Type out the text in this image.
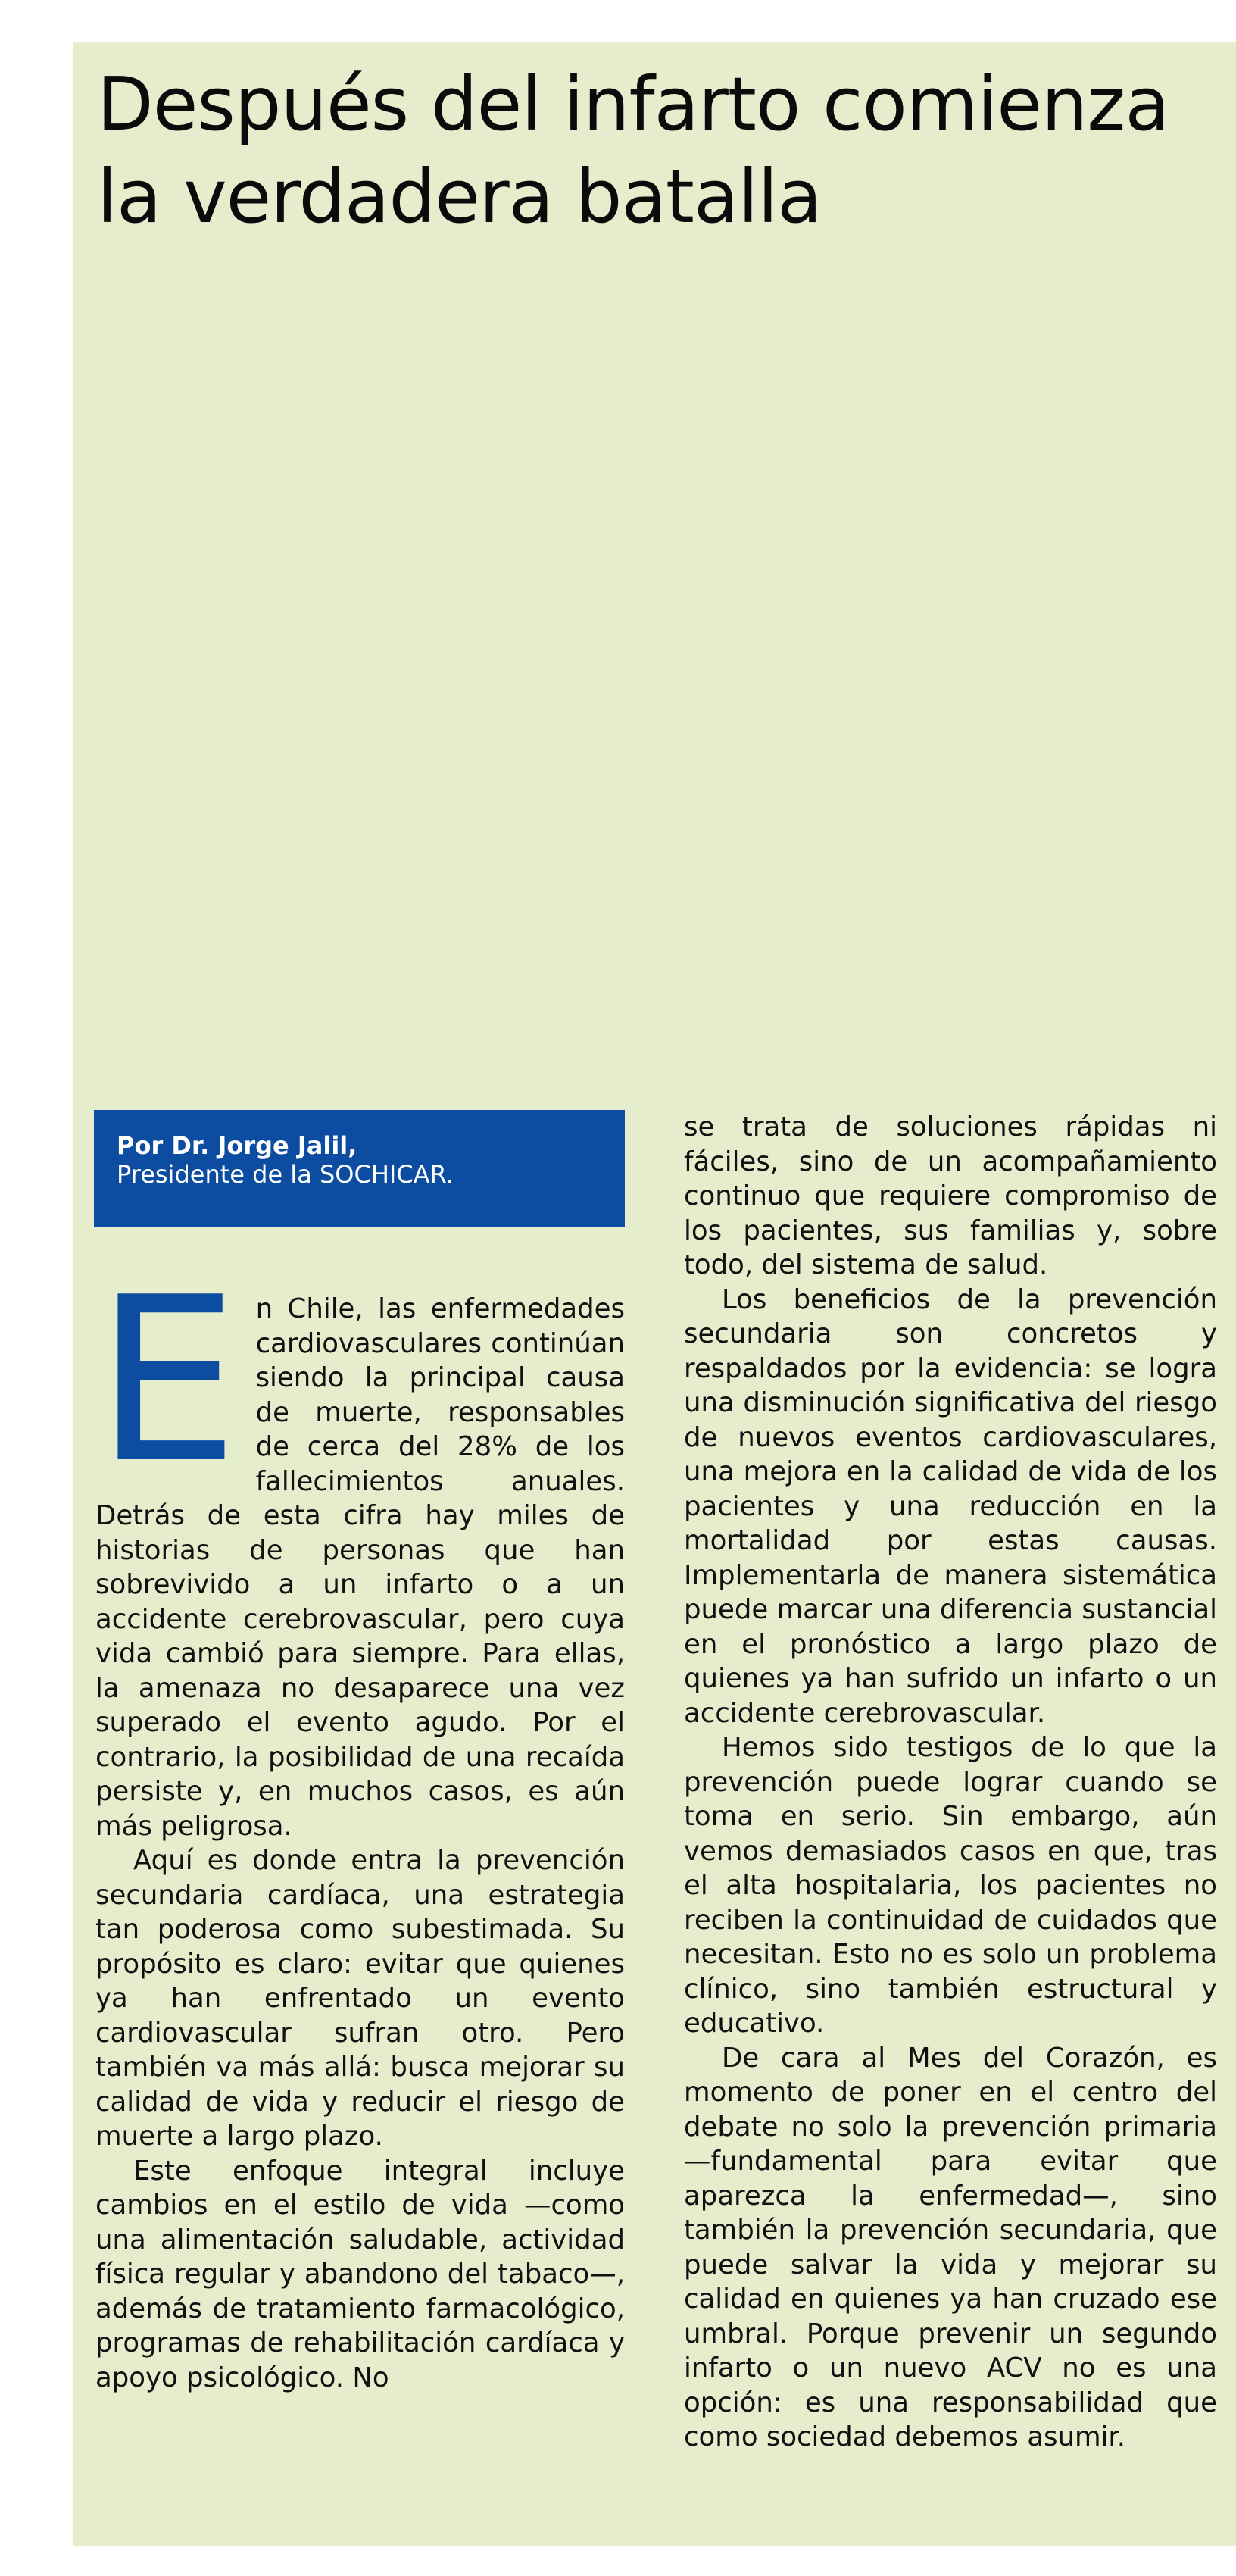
Después del infarto comienza la verdadera batalla
Por Dr. Jorge Jalil,
Presidente de la SOCHICAR.

En Chile, las enfermedades cardiovasculares continúan siendo la principal causa de muerte, responsables de cerca del 28% de los fallecimientos anuales. Detrás de esta cifra hay miles de historias de personas que han sobrevivido a un infarto o a un accidente cerebrovascular, pero cuya vida cambió para siempre. Para ellas, la amenaza no desaparece una vez superado el evento agudo. Por el contrario, la posibilidad de una recaída persiste y, en muchos casos, es aún más peligrosa.

Aquí es donde entra la prevención secundaria cardíaca, una estrategia tan poderosa como subestimada. Su propósito es claro: evitar que quienes ya han enfrentado un evento cardiovascular sufran otro. Pero también va más allá: busca mejorar su calidad de vida y reducir el riesgo de muerte a largo plazo.

Este enfoque integral incluye cambios en el estilo de vida —como una alimentación saludable, actividad física regular y abandono del tabaco—, además de tratamiento farmacológico, programas de rehabilitación cardíaca y apoyo psicológico. No

se trata de soluciones rápidas ni fáciles, sino de un acompañamiento continuo que requiere compromiso de los pacientes, sus familias y, sobre todo, del sistema de salud.

Los beneficios de la prevención secundaria son concretos y respaldados por la evidencia: se logra una disminución significativa del riesgo de nuevos eventos cardiovasculares, una mejora en la calidad de vida de los pacientes y una reducción en la mortalidad por estas causas. Implementarla de manera sistemática puede marcar una diferencia sustancial en el pronóstico a largo plazo de quienes ya han sufrido un infarto o un accidente cerebrovascular.

Hemos sido testigos de lo que la prevención puede lograr cuando se toma en serio. Sin embargo, aún vemos demasiados casos en que, tras el alta hospitalaria, los pacientes no reciben la continuidad de cuidados que necesitan. Esto no es solo un problema clínico, sino también estructural y educativo.

De cara al Mes del Corazón, es momento de poner en el centro del debate no solo la prevención primaria —fundamental para evitar que aparezca la enfermedad—, sino también la prevención secundaria, que puede salvar la vida y mejorar su calidad en quienes ya han cruzado ese umbral. Porque prevenir un segundo infarto o un nuevo ACV no es una opción: es una responsabilidad que como sociedad debemos asumir.
